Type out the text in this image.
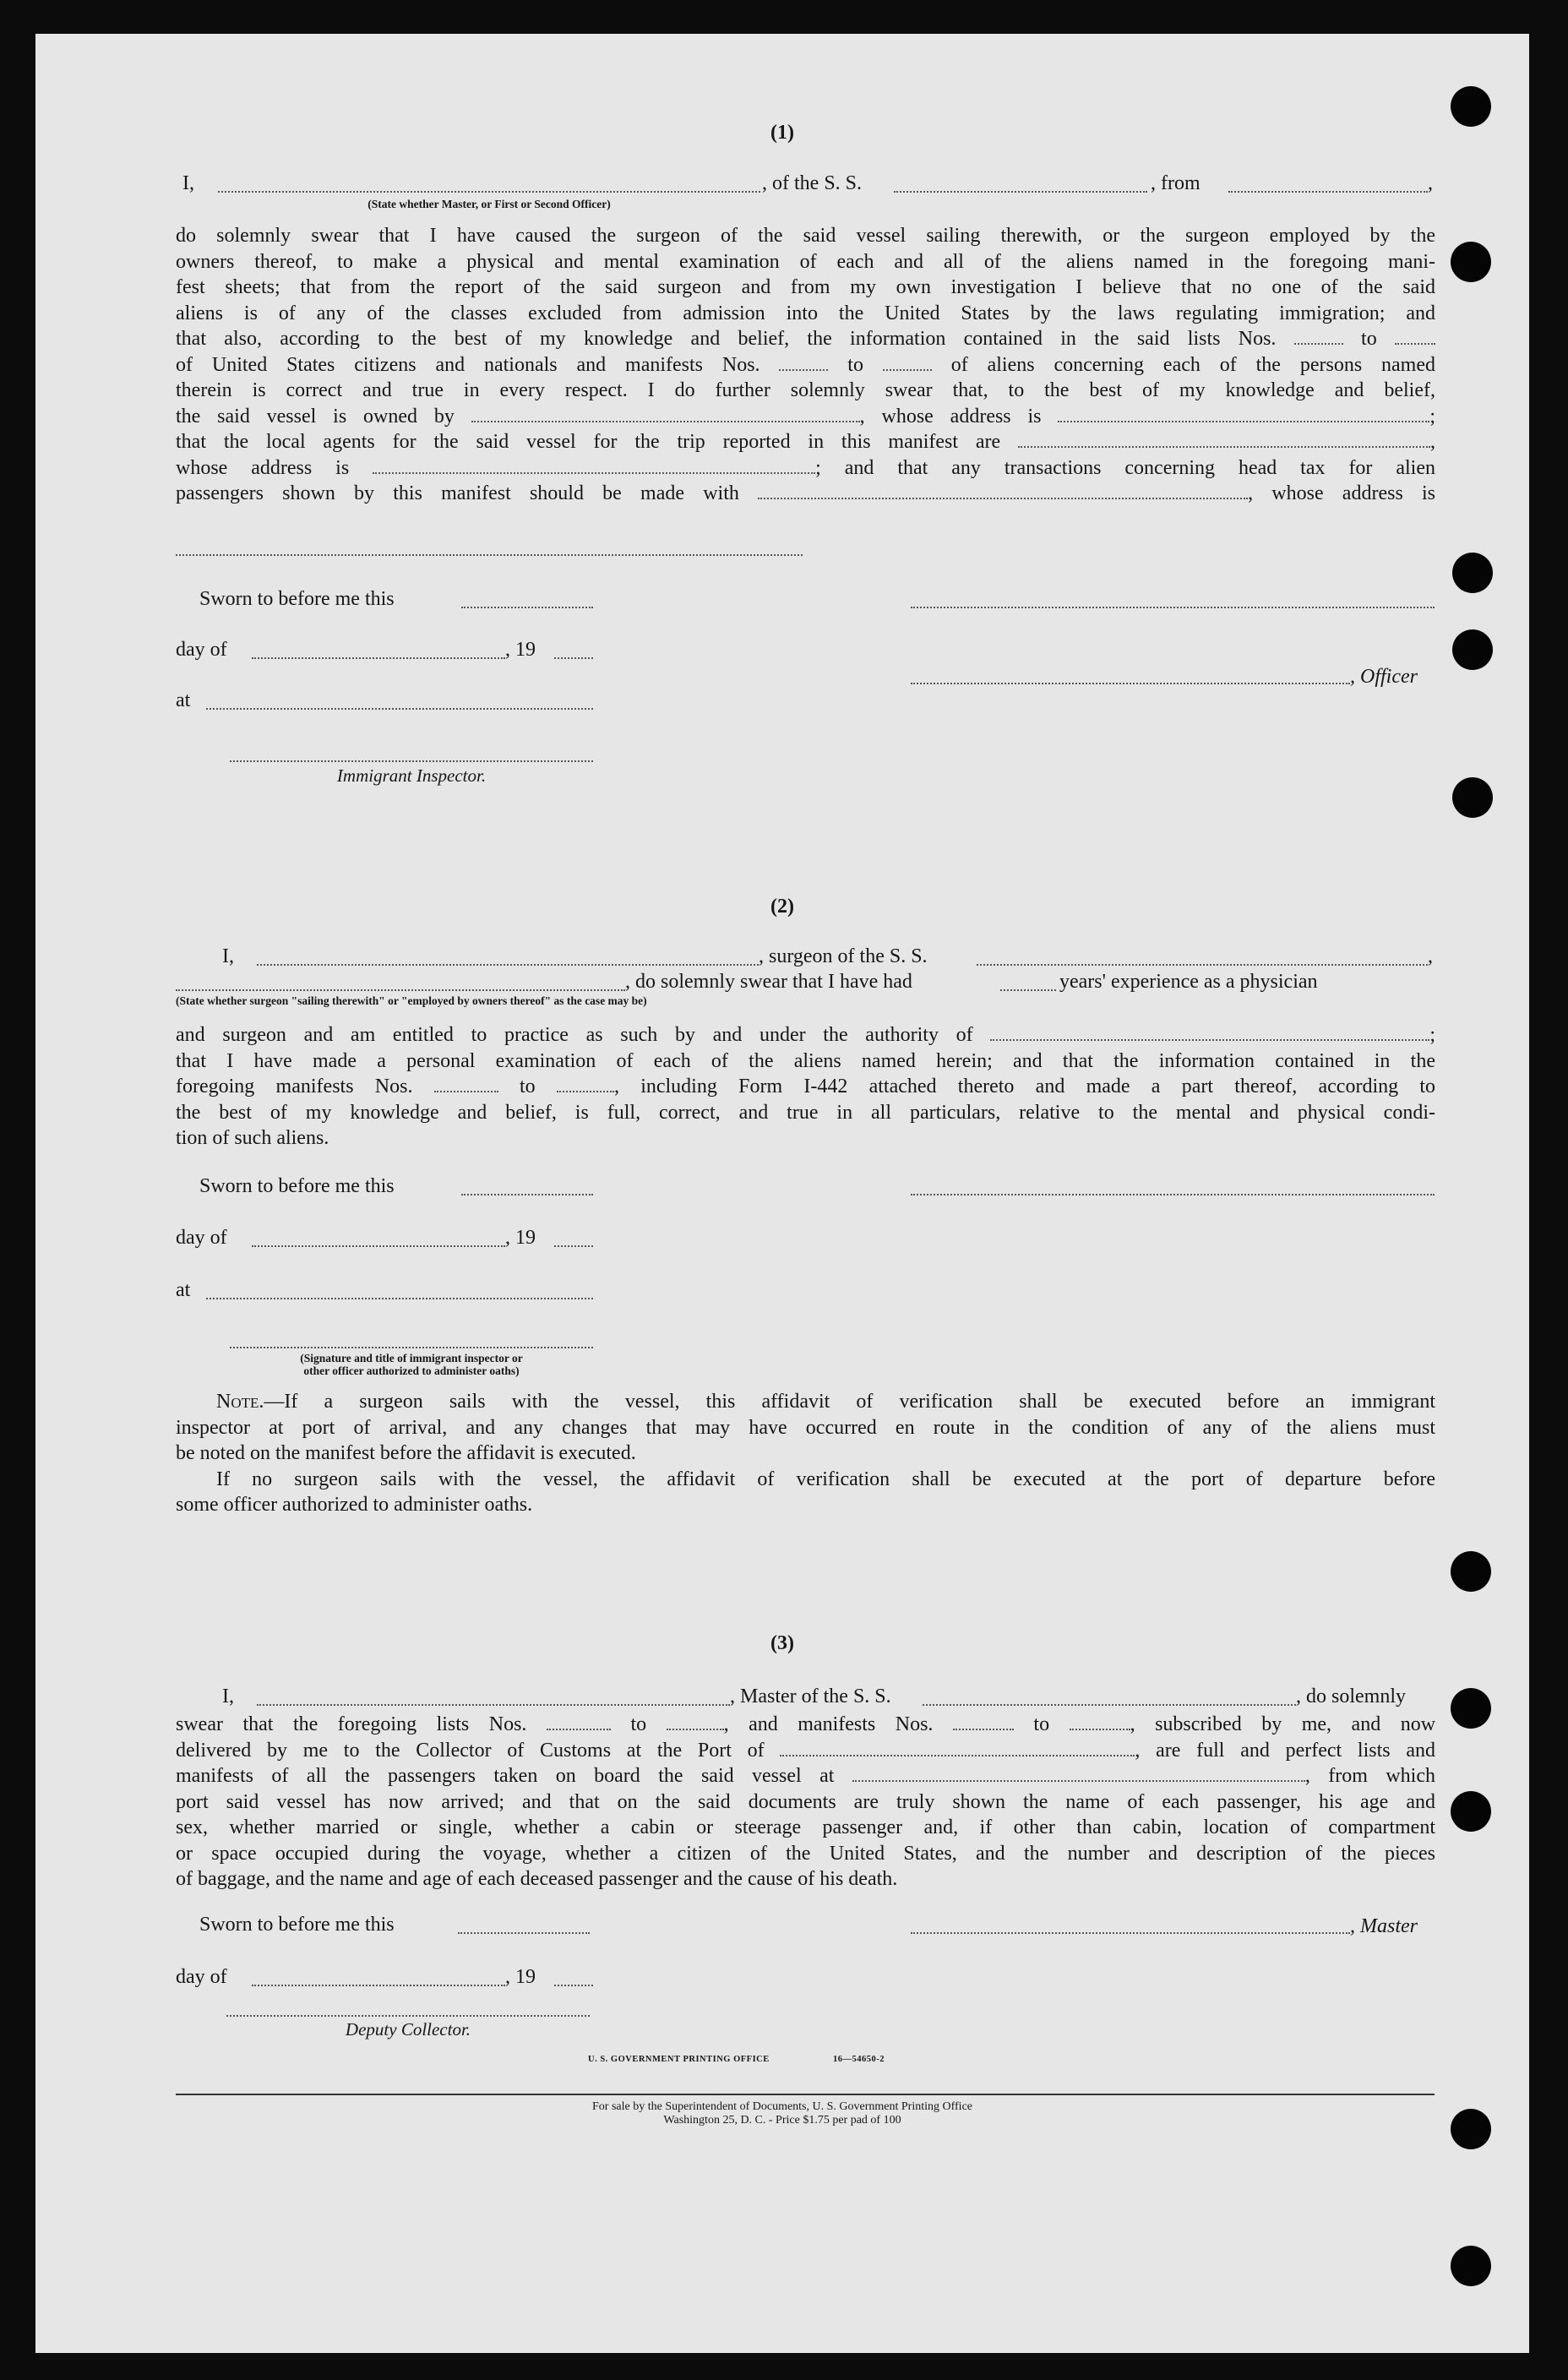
(1)
I,	, of the S. S.	, from	,
(State whether Master, or First or Second Officer)
do solemnly swear that I have caused the surgeon of the said vessel sailing therewith, or the surgeon employed by the
owners thereof, to make a physical and mental examination of each and all of the aliens named in the foregoing mani-
fest sheets; that from the report of the said surgeon and from my own investigation I believe that no one of the said
aliens is of any of the classes excluded from admission into the United States by the laws regulating immigration; and
that also, according to the best of my knowledge and belief, the information contained in the said lists Nos.	to
of United States citizens and nationals and manifests Nos.	to	of aliens concerning each of the persons named
therein is correct and true in every respect. I do further solemnly swear that, to the best of my knowledge and belief,
the said vessel is owned by	, whose address is	;
that the local agents for the said vessel for the trip reported in this manifest are	,
whose address is	; and that any transactions concerning head tax for alien
passengers shown by this manifest should be made with	, whose address is
Sworn to before me this
day of	, 19
at
Immigrant Inspector.
, Officer
(2)
I,	, surgeon of the S. S.	,
, do solemnly swear that I have had	years' experience as a physician
(State whether surgeon "sailing therewith" or "employed by owners thereof" as the case may be)
and surgeon and am entitled to practice as such by and under the authority of	;
that I have made a personal examination of each of the aliens named herein; and that the information contained in the
foregoing manifests Nos.	to	, including Form I-442 attached thereto and made a part thereof, according to
the best of my knowledge and belief, is full, correct, and true in all particulars, relative to the mental and physical condi-
tion of such aliens.
Sworn to before me this
day of	, 19
at
(Signature and title of immigrant inspector or
other officer authorized to administer oaths)
Note.—If a surgeon sails with the vessel, this affidavit of verification shall be executed before an immigrant
inspector at port of arrival, and any changes that may have occurred en route in the condition of any of the aliens must
be noted on the manifest before the affidavit is executed.
If no surgeon sails with the vessel, the affidavit of verification shall be executed at the port of departure before
some officer authorized to administer oaths.
(3)
I,	, Master of the S. S.	, do solemnly
swear that the foregoing lists Nos.	to	, and manifests Nos.	to	, subscribed by me, and now
delivered by me to the Collector of Customs at the Port of	, are full and perfect lists and
manifests of all the passengers taken on board the said vessel at	, from which
port said vessel has now arrived; and that on the said documents are truly shown the name of each passenger, his age and
sex, whether married or single, whether a cabin or steerage passenger and, if other than cabin, location of compartment
or space occupied during the voyage, whether a citizen of the United States, and the number and description of the pieces
of baggage, and the name and age of each deceased passenger and the cause of his death.
Sworn to before me this
day of	, 19
, Master
Deputy Collector.
U. S. GOVERNMENT PRINTING OFFICE	16—54650-2
For sale by the Superintendent of Documents, U. S. Government Printing Office
Washington 25, D. C. - Price $1.75 per pad of 100
